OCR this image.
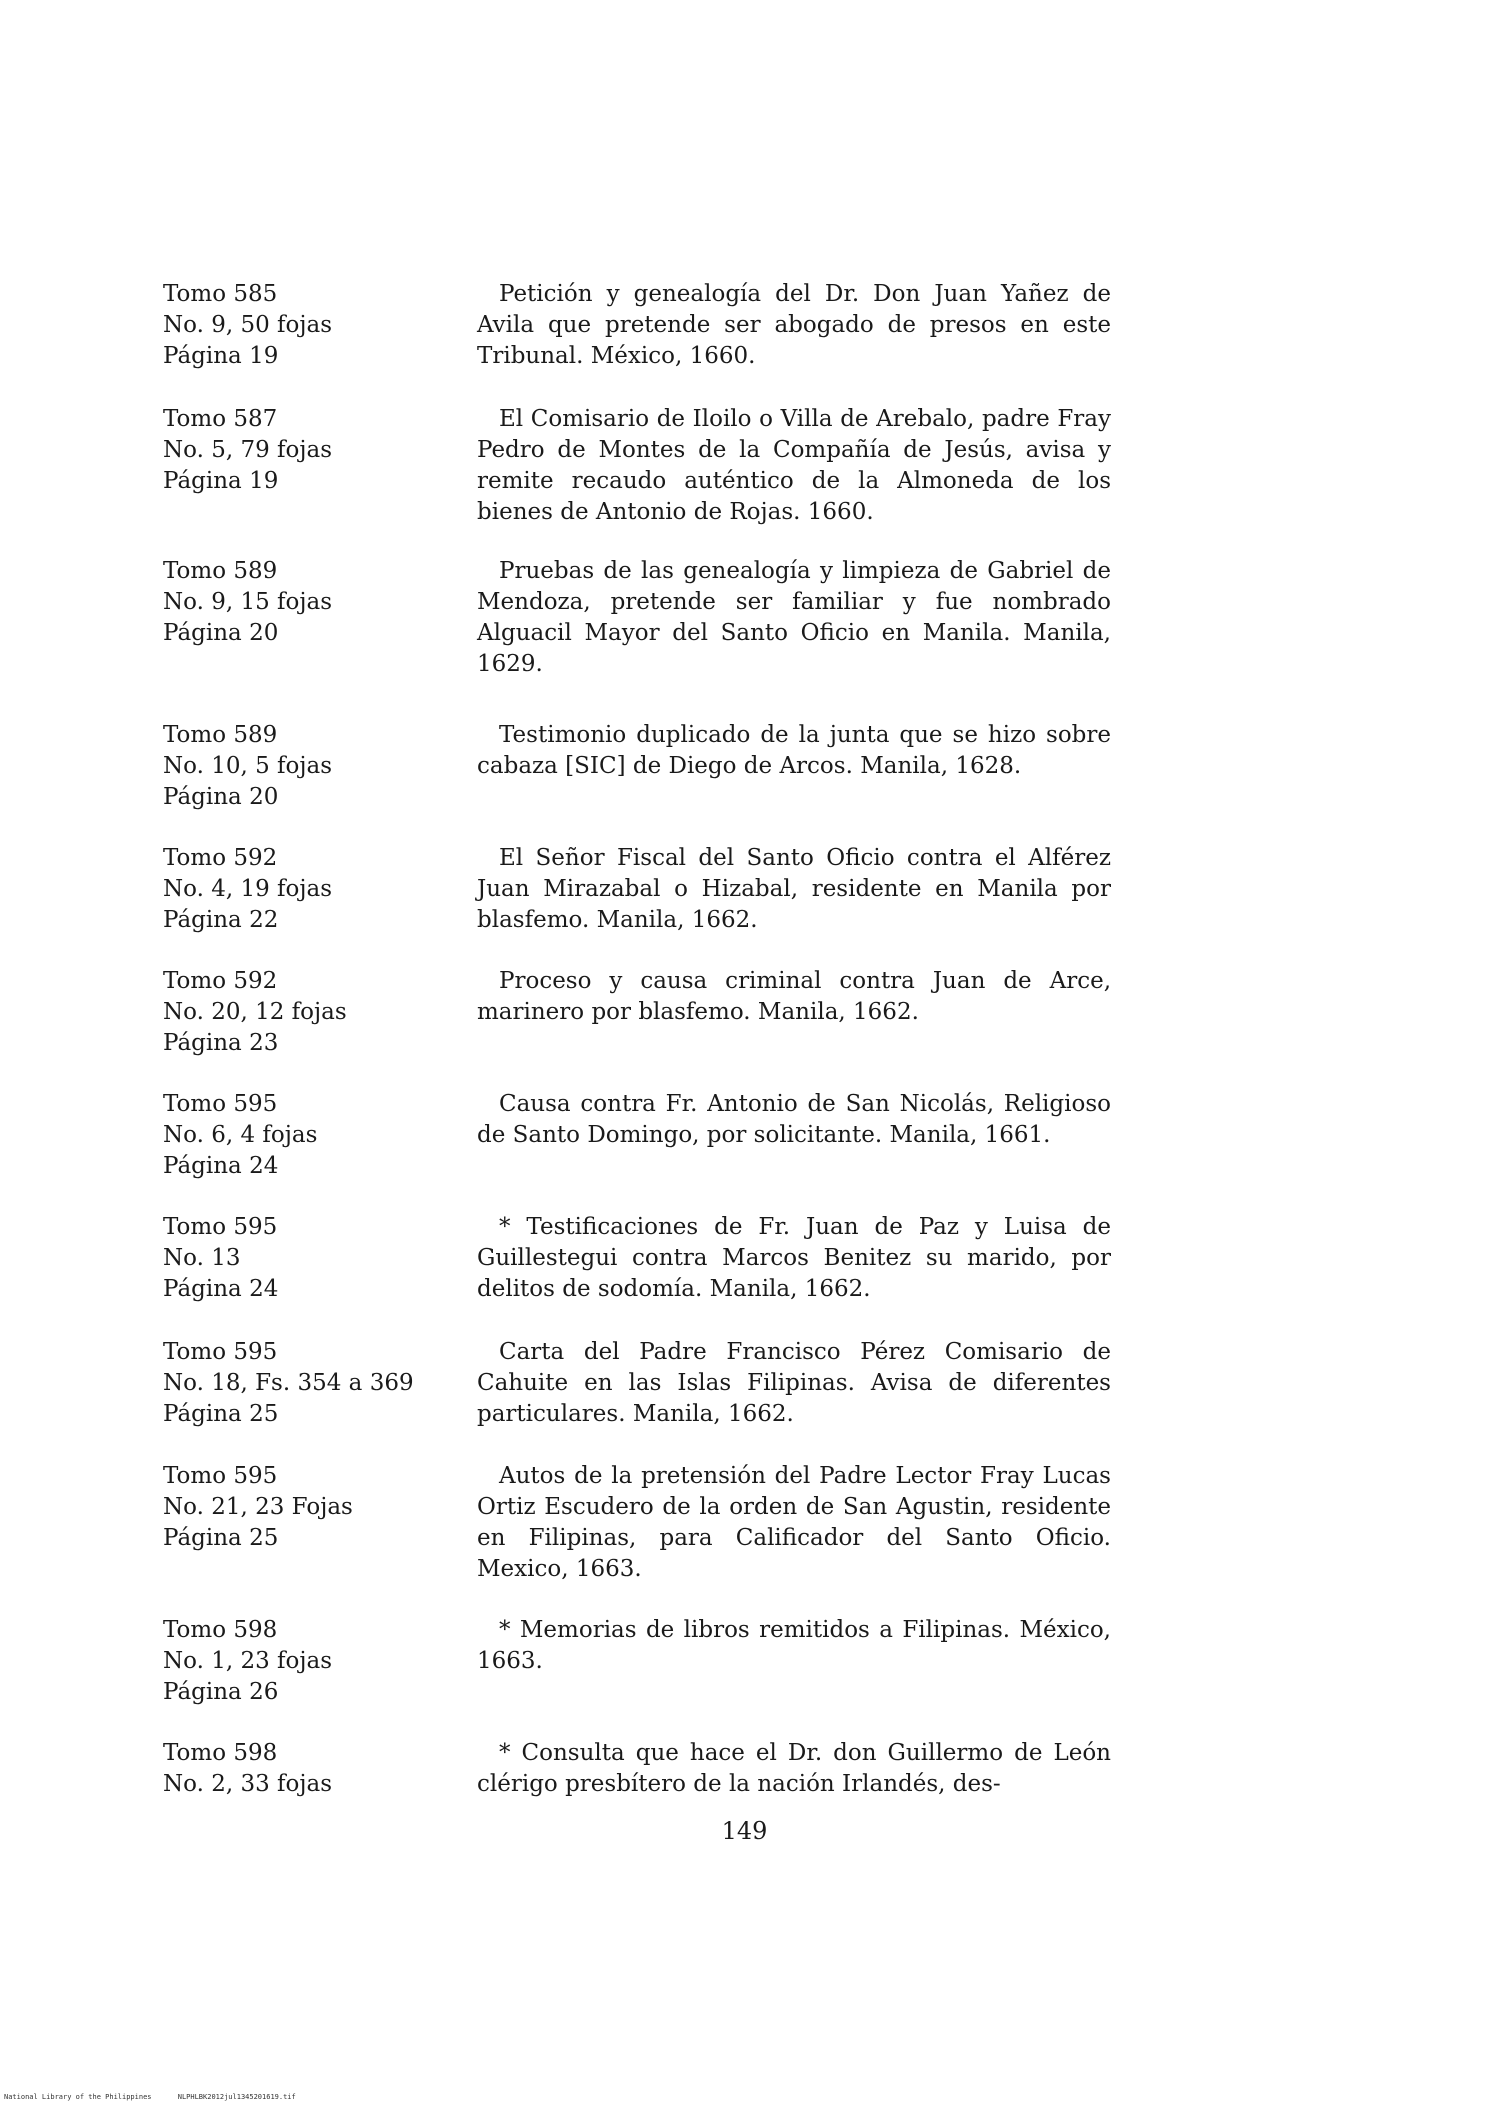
Tomo 585
No. 9, 50 fojas
Página 19
Petición y genealogía del Dr. Don Juan Yañez de Avila que pretende ser abogado de presos en este Tribunal. México, 1660.
Tomo 587
No. 5, 79 fojas
Página 19
El Comisario de Iloilo o Villa de Arebalo, padre Fray Pedro de Montes de la Compañía de Jesús, avisa y remite recaudo auténtico de la Almoneda de los bienes de Antonio de Rojas. 1660.
Tomo 589
No. 9, 15 fojas
Página 20
Pruebas de las genealogía y limpieza de Gabriel de Mendoza, pretende ser familiar y fue nombrado Alguacil Mayor del Santo Oficio en Manila. Manila, 1629.
Tomo 589
No. 10, 5 fojas
Página 20
Testimonio duplicado de la junta que se hizo sobre cabaza [SIC] de Diego de Arcos. Manila, 1628.
Tomo 592
No. 4, 19 fojas
Página 22
El Señor Fiscal del Santo Oficio contra el Alférez Juan Mirazabal o Hizabal, residente en Manila por blasfemo. Manila, 1662.
Tomo 592
No. 20, 12 fojas
Página 23
Proceso y causa criminal contra Juan de Arce, marinero por blasfemo. Manila, 1662.
Tomo 595
No. 6, 4 fojas
Página 24
Causa contra Fr. Antonio de San Nicolás, Religioso de Santo Domingo, por solicitante. Manila, 1661.
Tomo 595
No. 13
Página 24
* Testificaciones de Fr. Juan de Paz y Luisa de Guillestegui contra Marcos Benitez su marido, por delitos de sodomía. Manila, 1662.
Tomo 595
No. 18, Fs. 354 a 369
Página 25
Carta del Padre Francisco Pérez Comisario de Cahuite en las Islas Filipinas. Avisa de diferentes particulares. Manila, 1662.
Tomo 595
No. 21, 23 Fojas
Página 25
Autos de la pretensión del Padre Lector Fray Lucas Ortiz Escudero de la orden de San Agustin, residente en Filipinas, para Calificador del Santo Oficio. Mexico, 1663.
Tomo 598
No. 1, 23 fojas
Página 26
* Memorias de libros remitidos a Filipinas. México, 1663.
Tomo 598
No. 2, 33 fojas
* Consulta que hace el Dr. don Guillermo de León clérigo presbítero de la nación Irlandés, des-
149
National Library of the Philippines	NLPHLBK2012jul1345201619.tif
